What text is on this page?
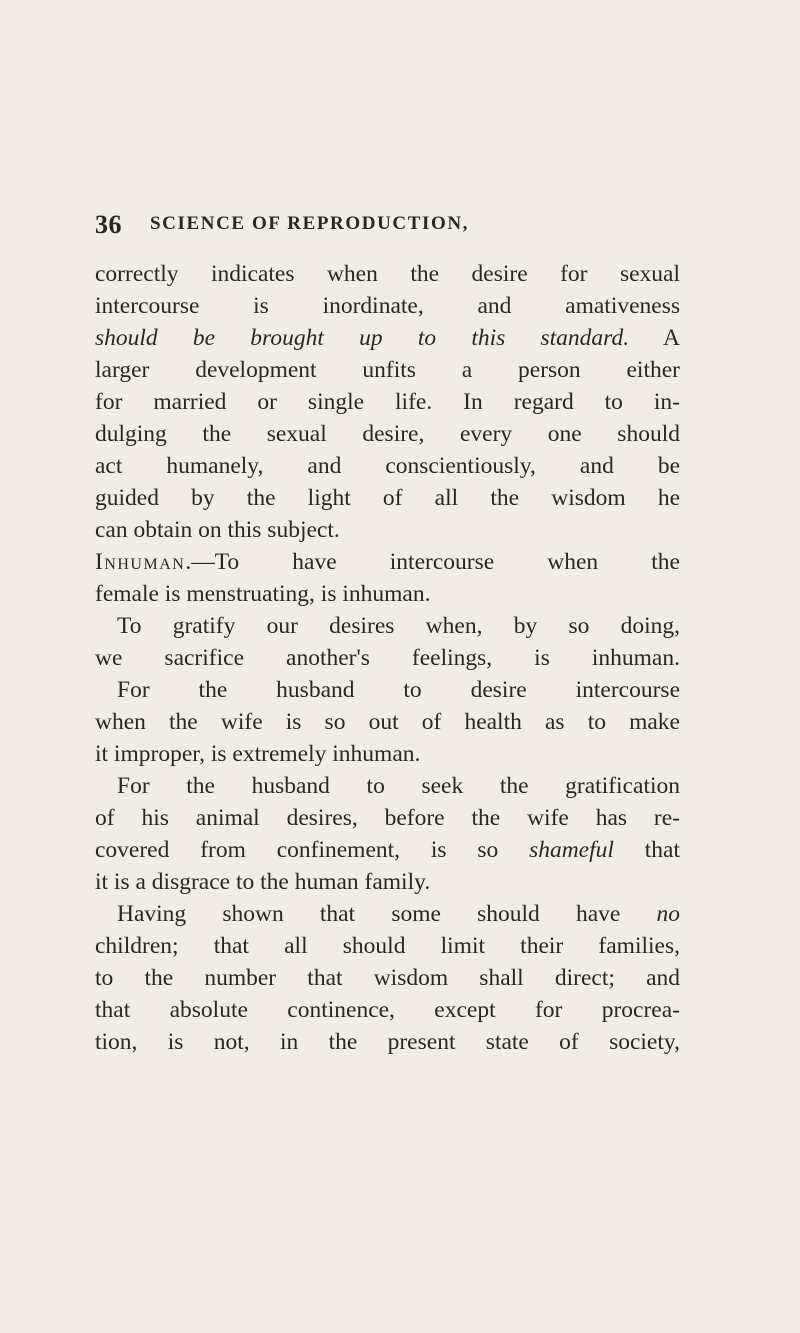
36 SCIENCE OF REPRODUCTION,
correctly indicates when the desire for sexual
intercourse is inordinate, and amativeness
should be brought up to this standard. A
larger development unfits a person either
for married or single life. In regard to in-
dulging the sexual desire, every one should
act humanely, and conscientiously, and be
guided by the light of all the wisdom he
can obtain on this subject.
Inhuman.—To have intercourse when the
female is menstruating, is inhuman.
To gratify our desires when, by so doing,
we sacrifice another's feelings, is inhuman.
For the husband to desire intercourse
when the wife is so out of health as to make
it improper, is extremely inhuman.
For the husband to seek the gratification
of his animal desires, before the wife has re-
covered from confinement, is so shameful that
it is a disgrace to the human family.
Having shown that some should have no
children; that all should limit their families,
to the number that wisdom shall direct; and
that absolute continence, except for procrea-
tion, is not, in the present state of society,
